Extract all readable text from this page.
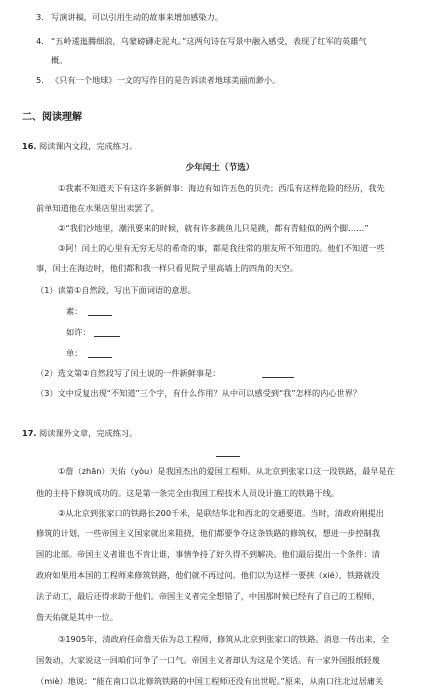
3. 写演讲稿，可以引用生动的故事来增加感染力。
4. “五岭逶迤腾细浪，乌蒙磅礴走泥丸。”这两句诗在写景中融入感受，表现了红军的英雄气
概。
5. 《只有一个地球》一文的写作目的是告诉读者地球美丽而渺小。
二、阅读理解
16. 阅读课内文段，完成练习。
少年闰土（节选）
①我素不知道天下有这许多新鲜事：海边有如许五色的贝壳；西瓜有这样危险的经历，我先
前单知道他在水果店里出卖罢了。
②“我们沙地里，潮汛要来的时候，就有许多跳鱼儿只是跳，都有青蛙似的两个脚……”
③阿！闰土的心里有无穷无尽的希奇的事，都是我往常的朋友所不知道的。他们不知道一些
事，闰土在海边时，他们都和我一样只看见院子里高墙上的四角的天空。
（1）读第①自然段，写出下面词语的意思。
素：
如许：
单：
（2）选文第②自然段写了闰土说的一件新鲜事是：
（3）文中反复出现“不知道”三个字，有什么作用？从中可以感受到“我”怎样的内心世界？
17. 阅读课外文章，完成练习。
①詹（zhān）天佑（yòu）是我国杰出的爱国工程师。从北京到张家口这一段铁路，最早是在
他的主持下修筑成功的。这是第一条完全由我国工程技术人员设计施工的铁路干线。
②从北京到张家口的铁路长200千米，是联结华北和西北的交通要道。当时，清政府刚提出
修筑的计划，一些帝国主义国家就出来阻挠，他们都要争夺这条铁路的修筑权，想进一步控制我
国的北部。帝国主义者谁也不肯让谁，事情争持了好久得不到解决。他们最后提出一个条件：清
政府如果用本国的工程师来修筑铁路，他们就不再过问。他们以为这样一要挟（xié），铁路就没
法子动工，最后还得求助于他们。帝国主义者完全想错了，中国那时候已经有了自己的工程师，
詹天佑就是其中一位。
③1905年，清政府任命詹天佑为总工程师，修筑从北京到张家口的铁路。消息一传出来，全
国轰动，大家说这一回咱们可争了一口气。帝国主义者却认为这是个笑话。有一家外国报纸轻蔑
（miè）地说：“能在南口以北修筑铁路的中国工程师还没有出世呢。”原来，从南口往北过居庸关
